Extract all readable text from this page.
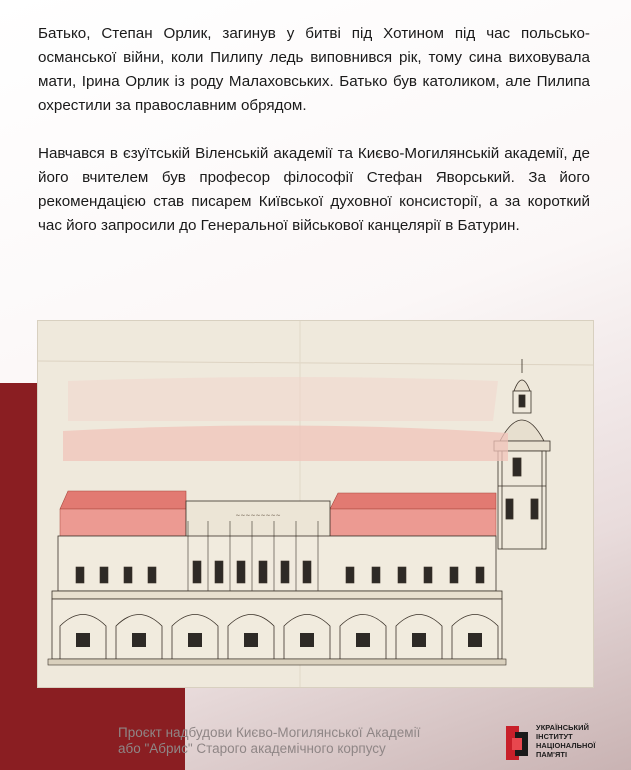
Батько, Степан Орлик, загинув у битві під Хотином під час польсько-османської війни, коли Пилипу ледь виповнився рік, тому сина виховувала мати, Ірина Орлик із роду Малаховських. Батько був католиком, але Пилипа охрестили за православним обрядом.

Навчався в єзуїтській Віленській академії та Києво-Могилянській академії, де його вчителем був професор філософії Стефан Яворський. За його рекомендацією став писарем Київської духовної консисторії, а за короткий час його запросили до Генеральної військової канцелярії в Батурин.

∼∼∼∼∼∼∼∼∼
Проєкт надбудови Києво-Могилянської Академії
або "Абрис" Старого академічного корпусу
УКРАЇНСЬКИЙ
ІНСТИТУТ
НАЦІОНАЛЬНОЇ
ПАМ'ЯТІ
